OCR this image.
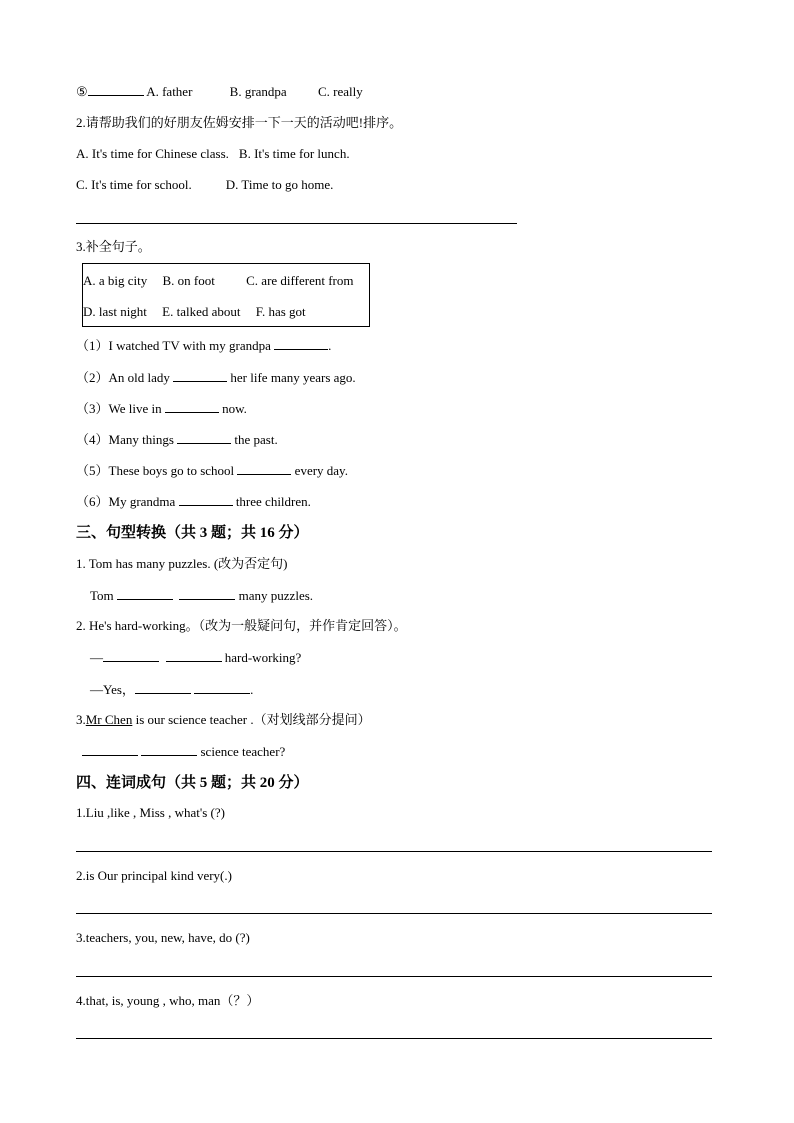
⑤	A. father	B. grandpa C. really
2.请帮助我们的好朋友佐姆安排一下一天的活动吧!排序。
A. It's time for Chinese class. B. It's time for lunch.
C. It's time for school.	D. Time to go home.
3.补全句子。
A. a big city B. on foot C. are different from
D. last night E. talked about F. has got
（1）I watched TV with my grandpa	.
（2）An old lady	her life many years ago.
（3）We live in	now.
（4）Many things	the past.
（5）These boys go to school	every day.
（6）My grandma	three children.
三、句型转换（共 3 题；共 16 分）
1. Tom has many puzzles. (改为否定句)
Tom	many puzzles.
2. He's hard-working。（改为一般疑问句，并作肯定回答）。
—	hard-working?
—Yes，	.
3.Mr Chen is our science teacher .（对划线部分提问）
science teacher?
四、连词成句（共 5 题；共 20 分）
1.Liu ,like , Miss , what's (?)
2.is Our principal kind very(.)
3.teachers, you, new, have, do (?)
4.that, is, young , who, man（？）
